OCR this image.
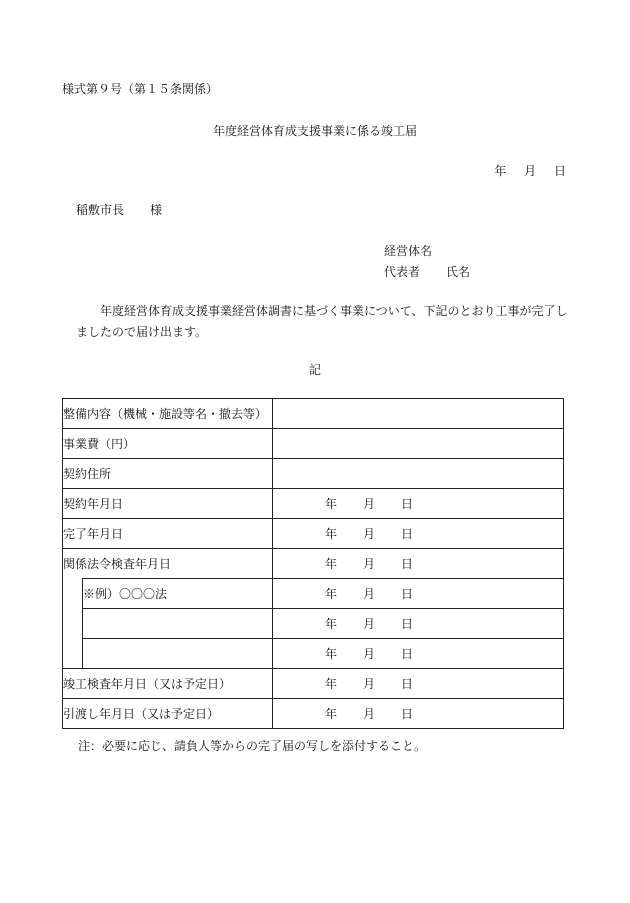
様式第９号（第１５条関係）
年度経営体育成支援事業に係る竣工届
年 月 日
稲敷市長 様
経営体名
代表者 氏名
年度経営体育成支援事業経営体調書に基づく事業について、下記のとおり工事が完了しましたので届け出ます。
記
整備内容（機械・施設等名・撤去等）		
事業費（円）		
契約住所		
契約年月日		年 月 日
完了年月日		年 月 日
関係法令検査年月日		年 月 日
	※例）〇〇〇法	年 月 日
		年 月 日
		年 月 日
竣工検査年月日（又は予定日）		年 月 日
引渡し年月日（又は予定日）		年 月 日
注：必要に応じ、請負人等からの完了届の写しを添付すること。
